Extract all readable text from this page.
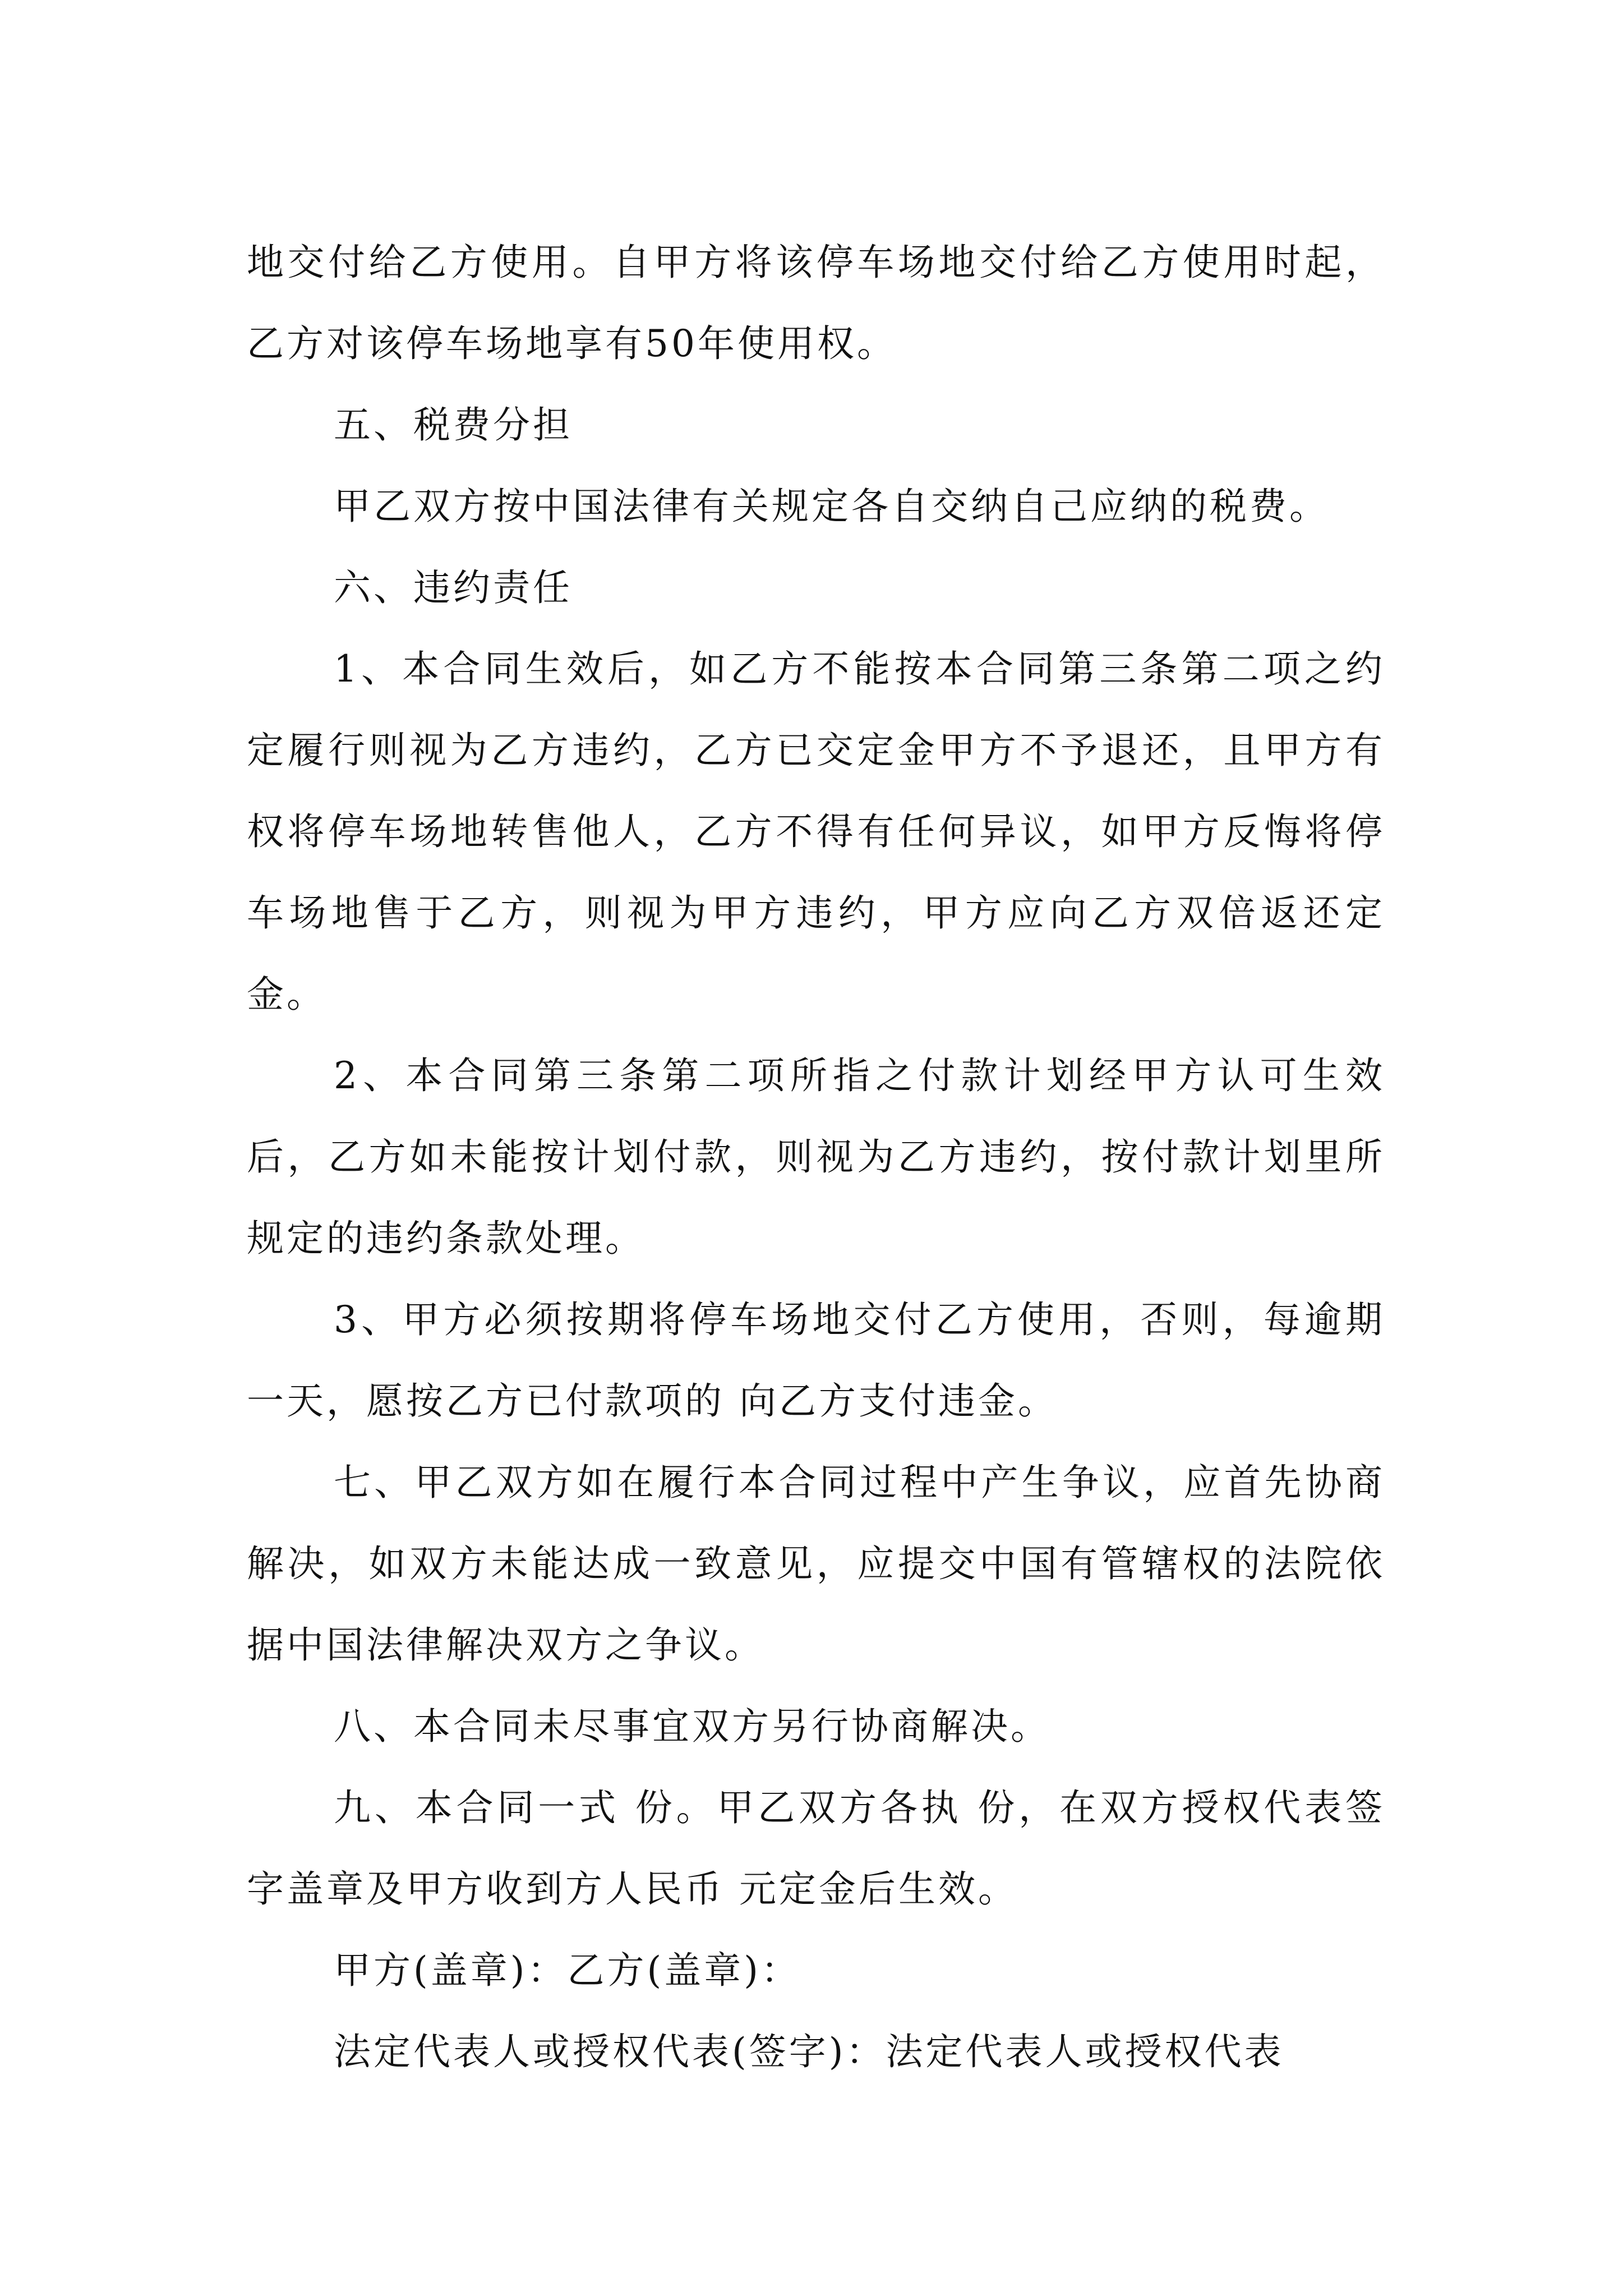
地交付给乙方使用。自甲方将该停车场地交付给乙方使用时起，乙方对该停车场地享有50年使用权。

五、税费分担

甲乙双方按中国法律有关规定各自交纳自己应纳的税费。

六、违约责任

1、本合同生效后，如乙方不能按本合同第三条第二项之约定履行则视为乙方违约，乙方已交定金甲方不予退还，且甲方有权将停车场地转售他人，乙方不得有任何异议，如甲方反悔将停车场地售于乙方，则视为甲方违约，甲方应向乙方双倍返还定金。

2、本合同第三条第二项所指之付款计划经甲方认可生效后，乙方如未能按计划付款，则视为乙方违约，按付款计划里所规定的违约条款处理。

3、甲方必须按期将停车场地交付乙方使用，否则，每逾期一天，愿按乙方已付款项的 向乙方支付违金。

七、甲乙双方如在履行本合同过程中产生争议，应首先协商解决，如双方未能达成一致意见，应提交中国有管辖权的法院依据中国法律解决双方之争议。

八、本合同未尽事宜双方另行协商解决。

九、本合同一式 份。甲乙双方各执 份，在双方授权代表签字盖章及甲方收到方人民币 元定金后生效。

甲方(盖章)：乙方(盖章)：

法定代表人或授权代表(签字)：法定代表人或授权代表
